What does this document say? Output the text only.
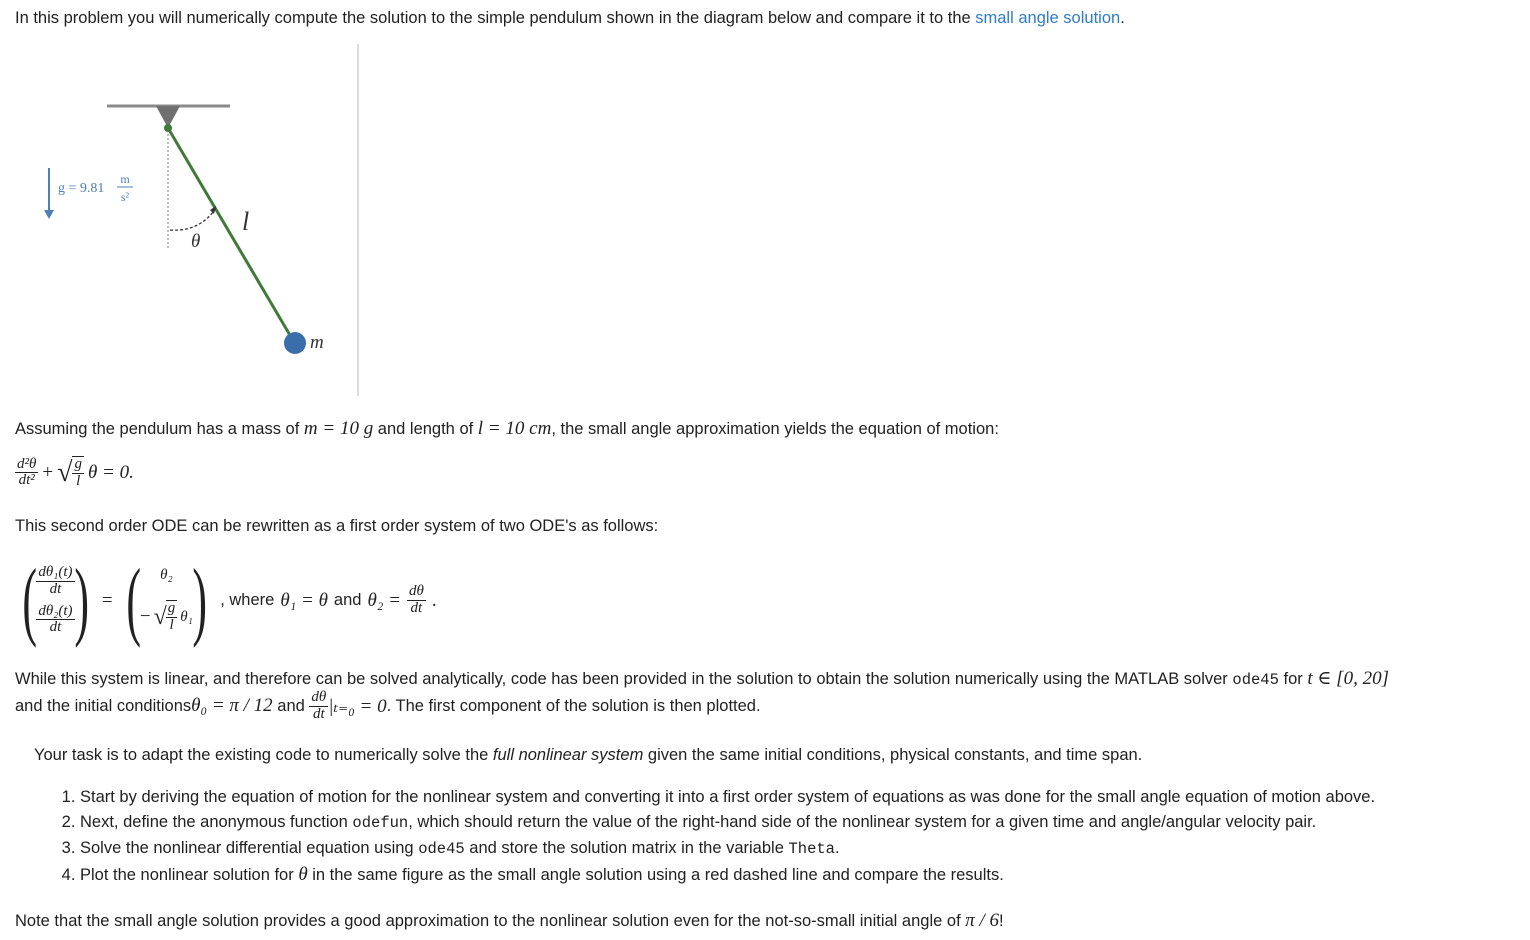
In this problem you will numerically compute the solution to the simple pendulum shown in the diagram below and compare it to the small angle solution.
g = 9.81
m
s²
θ
l
m
Assuming the pendulum has a mass of m = 10 g and length of l = 10 cm, the small angle approximation yields the equation of motion:
$\frac{\text{d²θ}}{\text{dt²}}$ + √ $\frac{g}{l}$ θ = 0.
This second order ODE can be rewritten as a first order system of two ODE's as follows:
( $\frac{\text{dθ₁(t)}}{dt}$
$\frac{\text{dθ₂(t)}}{dt}$ ) = ( θ₂
− √ $\frac{g}{l} \theta_1$ ) , where θ₁ = θ and $\theta_2 = \frac{d\theta}{dt}$ .
While this system is linear, and therefore can be solved analytically, code has been provided in the solution to obtain the solution numerically using the MATLAB solver ode45 for t ∈ [0, 20]
and the initial conditions θ₀ = π / 12 and $\frac{d\theta}{dt} |_{t=0} = 0$ . The first component of the solution is then plotted.
Your task is to adapt the existing code to numerically solve the full nonlinear system given the same initial conditions, physical constants, and time span.
1. Start by deriving the equation of motion for the nonlinear system and converting it into a first order system of equations as was done for the small angle equation of motion above.
2. Next, define the anonymous function odefun, which should return the value of the right-hand side of the nonlinear system for a given time and angle/angular velocity pair.
3. Solve the nonlinear differential equation using ode45 and store the solution matrix in the variable Theta.
4. Plot the nonlinear solution for θ in the same figure as the small angle solution using a red dashed line and compare the results.
Note that the small angle solution provides a good approximation to the nonlinear solution even for the not-so-small initial angle of π / 6!
